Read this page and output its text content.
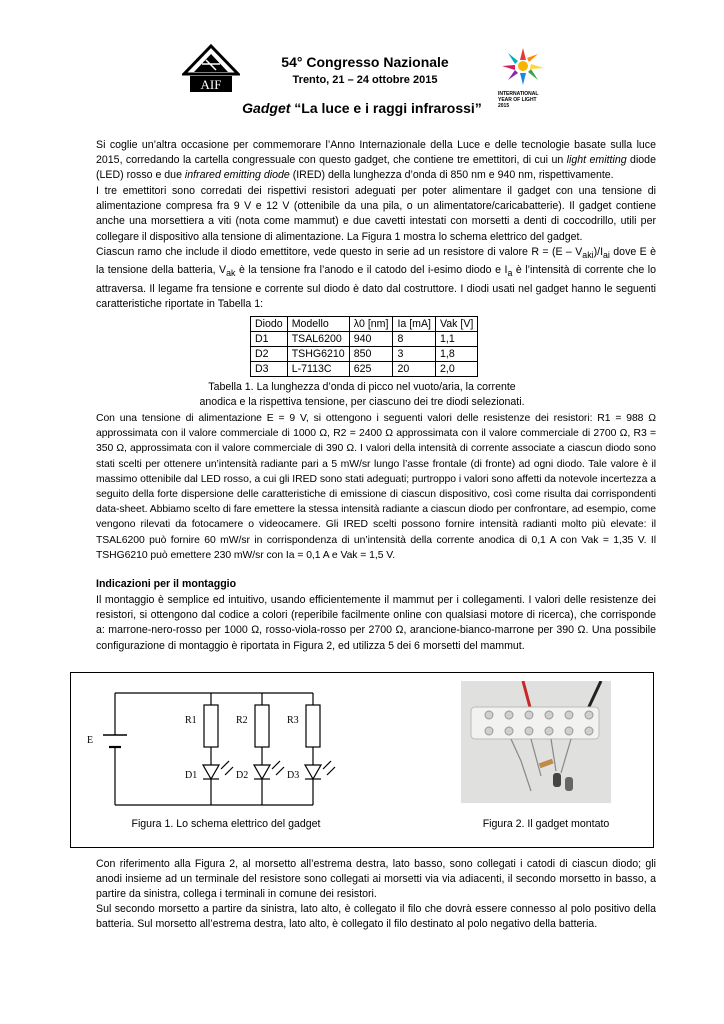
AIF
54° Congresso Nazionale
Trento, 21 – 24 ottobre 2015
INTERNATIONAL
YEAR OF LIGHT
2015
Gadget “La luce e i raggi infrarossi”
Si coglie un’altra occasione per commemorare l’Anno Internazionale della Luce e delle tecnologie basate sulla luce 2015, corredando la cartella congressuale con questo gadget, che contiene tre emettitori, di cui un light emitting diode (LED) rosso e due infrared emitting diode (IRED) della lunghezza d’onda di 850 nm e 940 nm, rispettivamente.
I tre emettitori sono corredati dei rispettivi resistori adeguati per poter alimentare il gadget con una tensione di alimentazione compresa fra 9 V e 12 V (ottenibile da una pila, o un alimentatore/caricabatterie). Il gadget contiene anche una morsettiera a viti (nota come mammut) e due cavetti intestati con morsetti a denti di coccodrillo, utili per collegare il dispositivo alla tensione di alimentazione. La Figura 1 mostra lo schema elettrico del gadget.
Ciascun ramo che include il diodo emettitore, vede questo in serie ad un resistore di valore $R = (E - V_{aki})/I_{ai}$ dove E è la tensione della batteria, $V_{ak}$ è la tensione fra l’anodo e il catodo del i-esimo diodo e $I_a$ è l’intensità di corrente che lo attraversa. Il legame fra tensione e corrente sul diodo è dato dal costruttore. I diodi usati nel gadget hanno le seguenti caratteristiche riportate in Tabella 1:
Diodo	Modello	λ0 [nm]	Ia [mA]	Vak [V]
D1	TSAL6200	940	8	1,1
D2	TSHG6210	850	3	1,8
D3	L-7113C	625	20	2,0
Tabella 1. La lunghezza d’onda di picco nel vuoto/aria, la corrente
anodica e la rispettiva tensione, per ciascuno dei tre diodi selezionati.
Con una tensione di alimentazione E = 9 V, si ottengono i seguenti valori delle resistenze dei resistori: R1 = 988 Ω approssimata con il valore commerciale di 1000 Ω, R2 = 2400 Ω approssimata con il valore commerciale di 2700 Ω, R3 = 350 Ω, approssimata con il valore commerciale di 390 Ω. I valori della intensità di corrente associate a ciascun diodo sono stati scelti per ottenere un’intensità radiante pari a 5 mW/sr lungo l’asse frontale (di fronte) ad ogni diodo. Tale valore è il massimo ottenibile dal LED rosso, a cui gli IRED sono stati adeguati; purtroppo i valori sono affetti da notevole incertezza a seguito della forte dispersione delle caratteristiche di emissione di ciascun dispositivo, così come risulta dai corrispondenti data-sheet. Abbiamo scelto di fare emettere la stessa intensità radiante a ciascun diodo per confrontare, ad esempio, come vengono rilevati da fotocamere o videocamere. Gli IRED scelti possono fornire intensità radianti molto più elevate: il TSAL6200 può fornire 60 mW/sr in corrispondenza di un’intensità della corrente anodica di 0,1 A con Vak = 1,35 V. Il TSHG6210 può emettere 230 mW/sr con Ia = 0,1 A e Vak = 1,5 V.
Indicazioni per il montaggio
Il montaggio è semplice ed intuitivo, usando efficientemente il mammut per i collegamenti. I valori delle resistenze dei resistori, si ottengono dal codice a colori (reperibile facilmente online con qualsiasi motore di ricerca), che corrisponde a: marrone-nero-rosso per 1000 Ω, rosso-viola-rosso per 2700 Ω, arancione-bianco-marrone per 390 Ω. Una possibile configurazione di montaggio è riportata in Figura 2, ed utilizza 5 dei 6 morsetti del mammut.
E
R1	R2	R3
D1	D2	D3
Figura 1. Lo schema elettrico del gadget	Figura 2. Il gadget montato
Con riferimento alla Figura 2, al morsetto all’estrema destra, lato basso, sono collegati i catodi di ciascun diodo; gli anodi insieme ad un terminale del resistore sono collegati ai morsetti via via adiacenti, il secondo morsetto in basso, a partire da sinistra, collega i terminali in comune dei resistori.
Sul secondo morsetto a partire da sinistra, lato alto, è collegato il filo che dovrà essere connesso al polo positivo della batteria. Sul morsetto all’estrema destra, lato alto, è collegato il filo destinato al polo negativo della batteria.
